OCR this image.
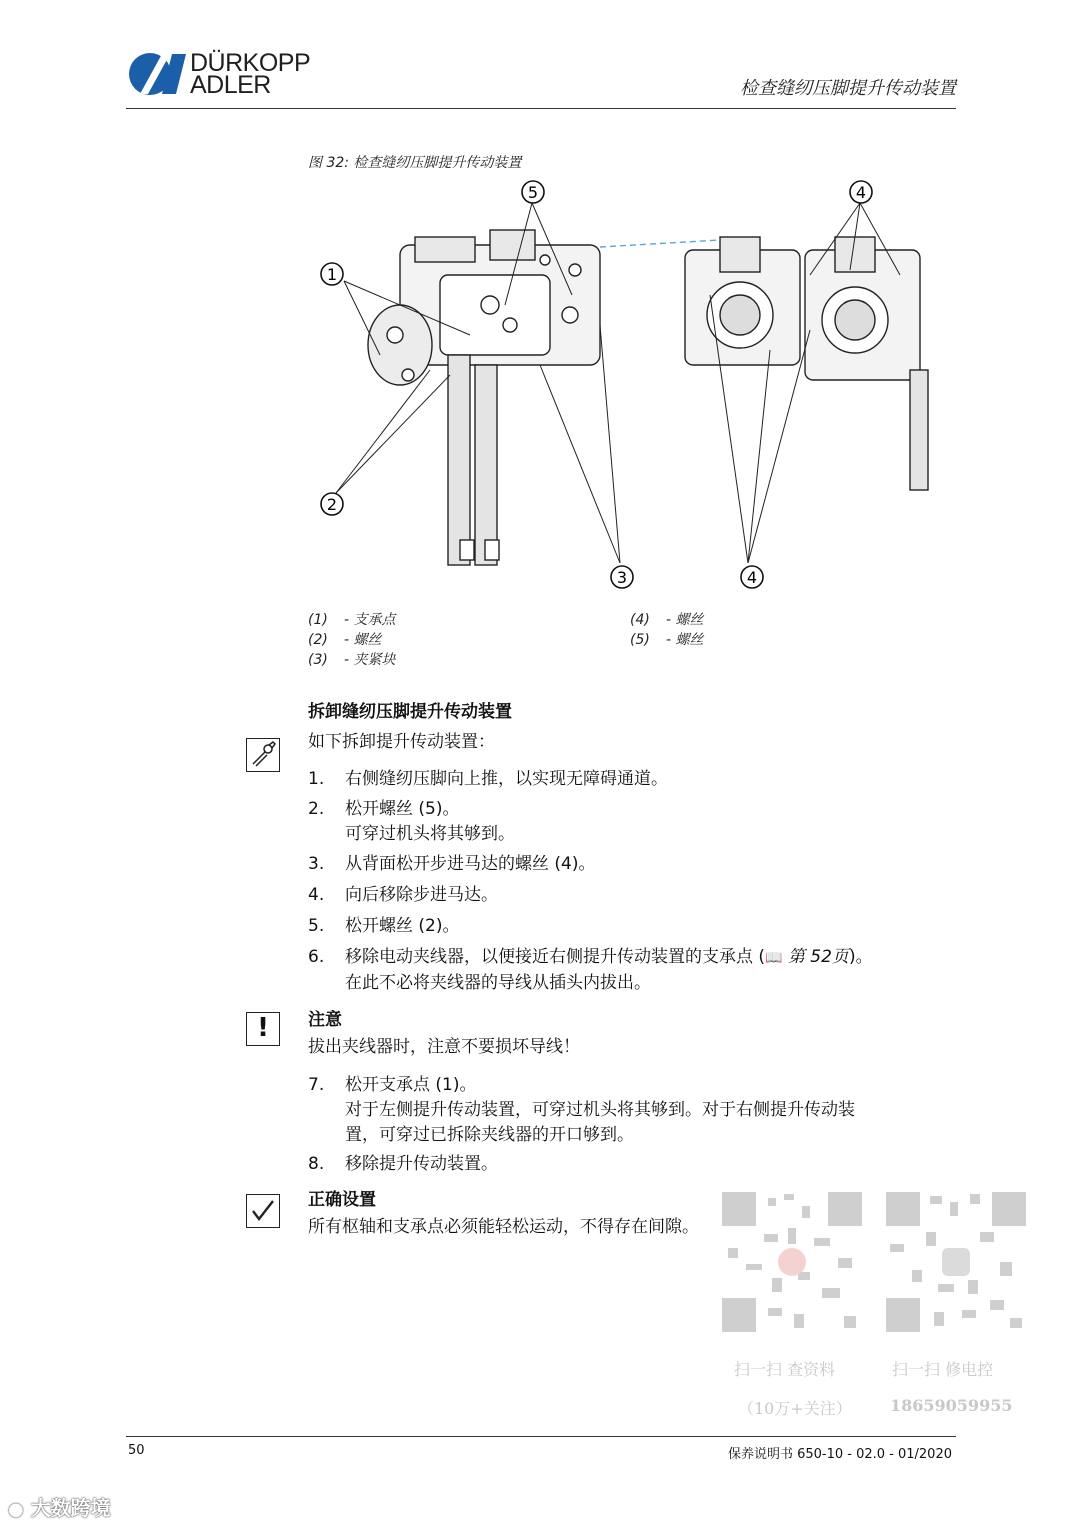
DÜRKOPP
ADLER	检查缝纫压脚提升传动装置
图 32: 检查缝纫压脚提升传动装置
1
2
3	4
5	4
(1) - 支承点
(2) - 螺丝
(3) - 夹紧块
(4) - 螺丝
(5) - 螺丝
拆卸缝纫压脚提升传动装置
如下拆卸提升传动装置：
1.	右侧缝纫压脚向上推，以实现无障碍通道。
2.	松开螺丝 (5)。
可穿过机头将其够到。
3.	从背面松开步进马达的螺丝 (4)。
4.	向后移除步进马达。
5.	松开螺丝 (2)。
6.	移除电动夹线器，以便接近右侧提升传动装置的支承点 (📖 第 52页)。
在此不必将夹线器的导线从插头内拔出。
!	注意
拔出夹线器时，注意不要损坏导线！
7.	松开支承点 (1)。
对于左侧提升传动装置，可穿过机头将其够到。对于右侧提升传动装
置，可穿过已拆除夹线器的开口够到。
8.	移除提升传动装置。
正确设置
所有枢轴和支承点必须能轻松运动，不得存在间隙。
扫一扫 查资料
（10万+关注）
扫一扫 修电控
18659059955
50	保养说明书 650-10 - 02.0 - 01/2020
● 大数跨境
